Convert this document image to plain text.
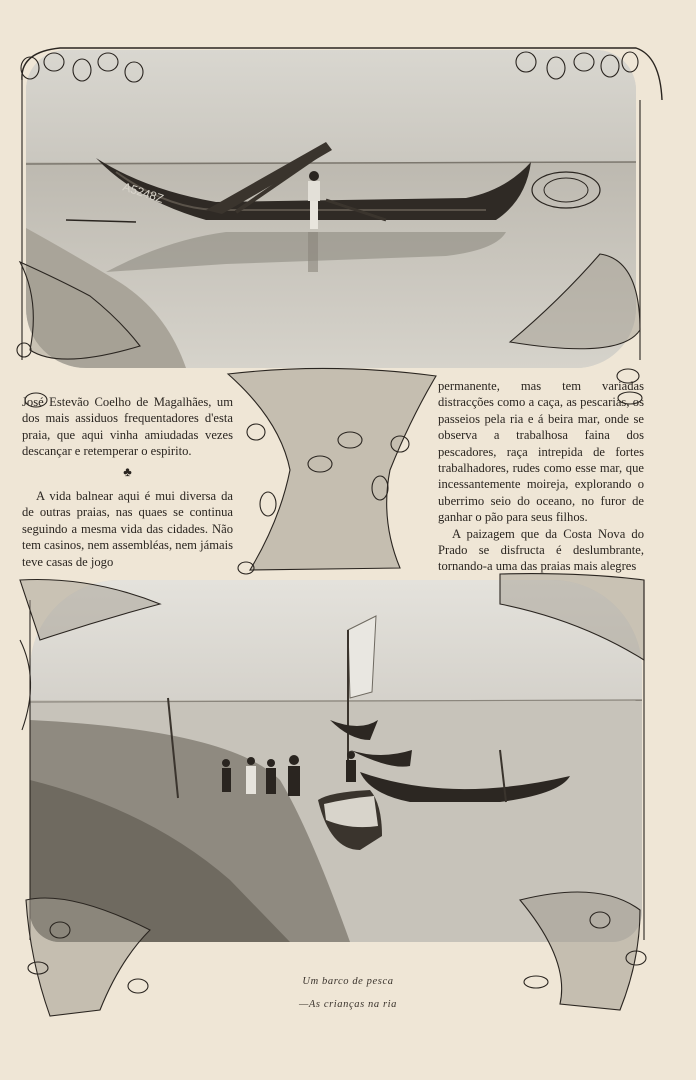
A5248Z

José Estevão Coelho de Magalhães, um dos mais assiduos frequentadores d'esta praia, que aqui vinha amiudadas vezes descançar e retemperar o espirito.

♣

A vida balnear aqui é mui diversa da de outras praias, nas quaes se continua seguindo a mesma vida das cidades. Não tem casinos, nem assembléas, nem jámais teve casas de jogo

permanente, mas tem variadas distracções como a caça, as pescarias, os passeios pela ria e á beira mar, onde se observa a trabalhosa faina dos pescadores, raça intrepida de fortes trabalhadores, rudes como esse mar, que incessantemente moireja, explorando o uberrimo seio do oceano, no furor de ganhar o pão para seus filhos.

A paizagem que da Costa Nova do Prado se disfructa é deslumbrante, tornando-a uma das praias mais alegres

Um barco de pesca
—As crianças na ria
